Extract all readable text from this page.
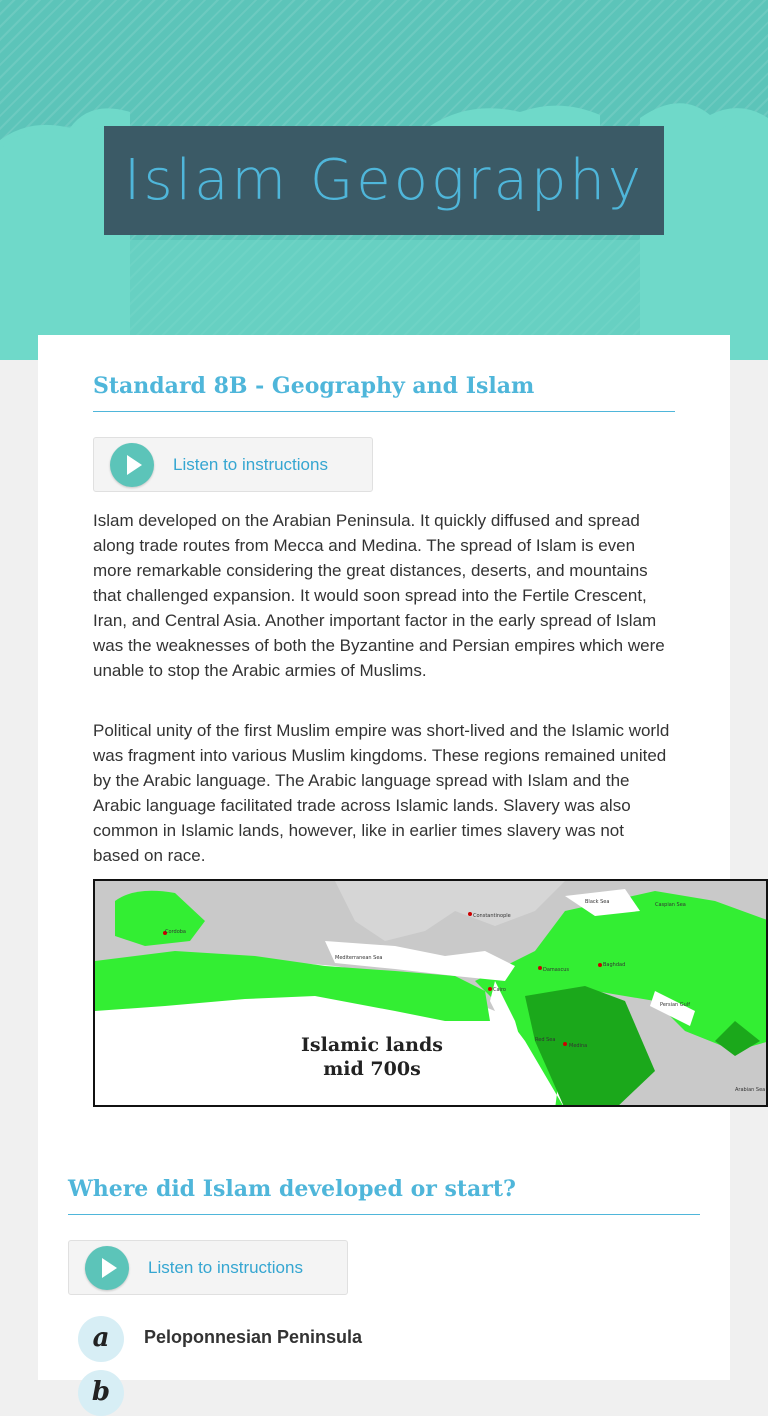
Islam Geography
Standard 8B - Geography and Islam
Listen to instructions

Islam developed on the Arabian Peninsula. It quickly diffused and spread along trade routes from Mecca and Medina. The spread of Islam is even more remarkable considering the great distances, deserts, and mountains that challenged expansion. It would soon spread into the Fertile Crescent, Iran, and Central Asia. Another important factor in the early spread of Islam was the weaknesses of both the Byzantine and Persian empires which were unable to stop the Arabic armies of Muslims.

Political unity of the first Muslim empire was short-lived and the Islamic world was fragment into various Muslim kingdoms. These regions remained united by the Arabic language. The Arabic language spread with Islam and the Arabic language facilitated trade across Islamic lands. Slavery was also common in Islamic lands, however, like in earlier times slavery was not based on race.

Cordoba
Mediterranean Sea
Black Sea
Constantinople
Damascus
Baghdad
Caspian Sea
Red Sea
Medina
Persian Gulf
Cairo
Arabian Sea
Islamic lands
mid 700s
Where did Islam developed or start?
Listen to instructions
a	Peloponnesian Peninsula
b
